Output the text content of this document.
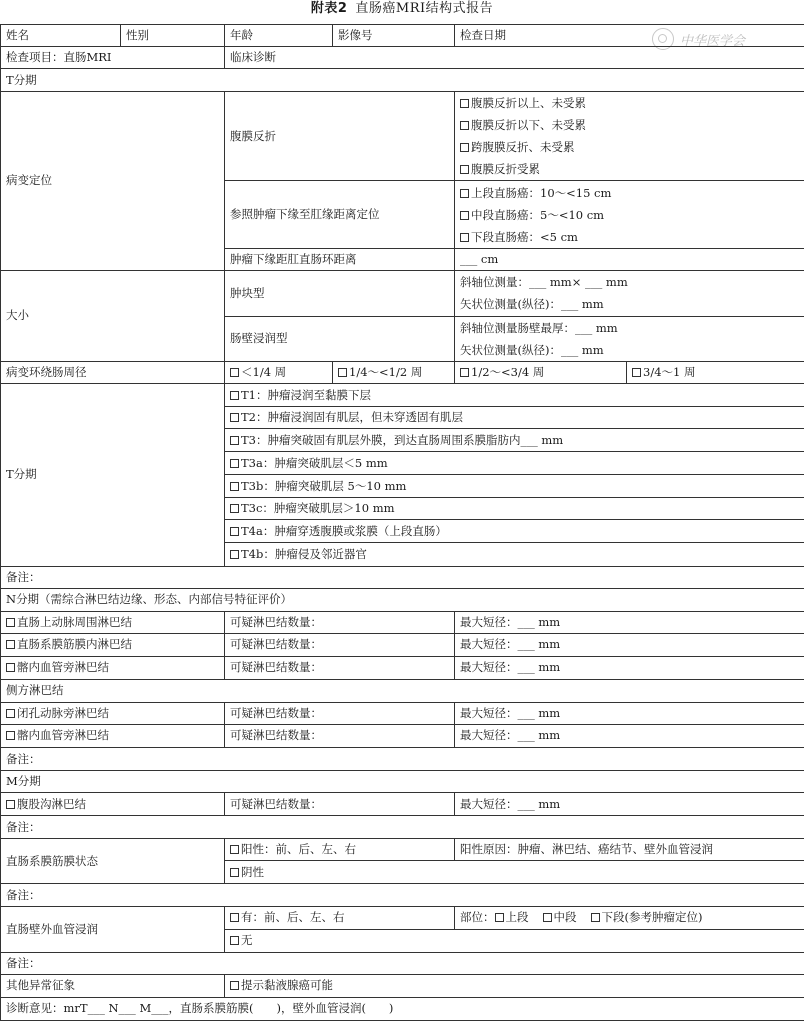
附表2 直肠癌MRI结构式报告
中华医学会
姓名	性别	年龄	影像号	检查日期	
检查项目：直肠MRI		临床诊断			
T分期					
病变定位		腹膜反折		腹膜反折以上、未受累
腹膜反折以下、未受累
跨腹膜反折、未受累
腹膜反折受累	

		参照肿瘤下缘至肛缘距离定位		上段直肠癌：10～<15 cm
中段直肠癌：5～<10 cm
下段直肠癌：<5 cm	

		肿瘤下缘距肛直肠环距离		___ cm	
大小		肿块型		斜轴位测量：___ mm× ___ mm
矢状位测量(纵径)：___ mm	

		肠壁浸润型		斜轴位测量肠壁最厚：___ mm
矢状位测量(纵径)：___ mm	

病变环绕肠周径		＜1/4 周	1/4～<1/2 周	1/2～<3/4 周	3/4～1 周
T分期		T1：肿瘤浸润至黏膜下层			
		T2：肿瘤浸润固有肌层，但未穿透固有肌层			
		T3：肿瘤突破固有肌层外膜，到达直肠周围系膜脂肪内___ mm			
		T3a：肿瘤突破肌层＜5 mm			
		T3b：肿瘤突破肌层 5～10 mm			
		T3c：肿瘤突破肌层＞10 mm			
		T4a：肿瘤穿透腹膜或浆膜（上段直肠）			
		T4b：肿瘤侵及邻近器官			
备注：					
N分期（需综合淋巴结边缘、形态、内部信号特征评价）					
直肠上动脉周围淋巴结		可疑淋巴结数量：		最大短径：___ mm	
直肠系膜筋膜内淋巴结		可疑淋巴结数量：		最大短径：___ mm	
髂内血管旁淋巴结		可疑淋巴结数量：		最大短径：___ mm	
侧方淋巴结					
闭孔动脉旁淋巴结		可疑淋巴结数量：		最大短径：___ mm	
髂内血管旁淋巴结		可疑淋巴结数量：		最大短径：___ mm	
备注：					
M分期					
腹股沟淋巴结		可疑淋巴结数量：		最大短径：___ mm	
备注：					
直肠系膜筋膜状态		阳性：前、后、左、右		阳性原因：肿瘤、淋巴结、癌结节、壁外血管浸润	
		阴性			
备注：					
直肠壁外血管浸润		有：前、后、左、右		部位： 上段 中段 下段(参考肿瘤定位)	
		无			
备注：					
其他异常征象		提示黏液腺癌可能			
诊断意见：mrT___ N___ M___，直肠系膜筋膜(　　)，壁外血管浸润(　　)					
